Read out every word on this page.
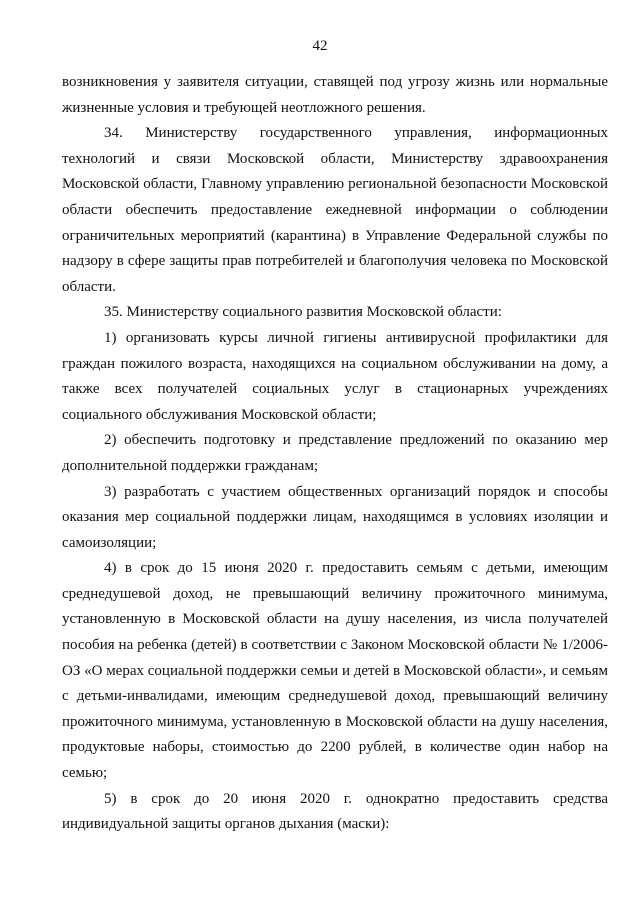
42

возникновения у заявителя ситуации, ставящей под угрозу жизнь или нормальные жизненные условия и требующей неотложного решения.

34. Министерству государственного управления, информационных технологий и связи Московской области, Министерству здравоохранения Московской области, Главному управлению региональной безопасности Московской области обеспечить предоставление ежедневной информации о соблюдении ограничительных мероприятий (карантина) в Управление Федеральной службы по надзору в сфере защиты прав потребителей и благополучия человека по Московской области.

35. Министерству социального развития Московской области:

1) организовать курсы личной гигиены антивирусной профилактики для граждан пожилого возраста, находящихся на социальном обслуживании на дому, а также всех получателей социальных услуг в стационарных учреждениях социального обслуживания Московской области;

2) обеспечить подготовку и представление предложений по оказанию мер дополнительной поддержки гражданам;

3) разработать с участием общественных организаций порядок и способы оказания мер социальной поддержки лицам, находящимся в условиях изоляции и самоизоляции;

4) в срок до 15 июня 2020 г. предоставить семьям с детьми, имеющим среднедушевой доход, не превышающий величину прожиточного минимума, установленную в Московской области на душу населения, из числа получателей пособия на ребенка (детей) в соответствии с Законом Московской области № 1/2006-ОЗ «О мерах социальной поддержки семьи и детей в Московской области», и семьям с детьми-инвалидами, имеющим среднедушевой доход, превышающий величину прожиточного минимума, установленную в Московской области на душу населения, продуктовые наборы, стоимостью до 2200 рублей, в количестве один набор на семью;

5) в срок до 20 июня 2020 г. однократно предоставить средства индивидуальной защиты органов дыхания (маски):
